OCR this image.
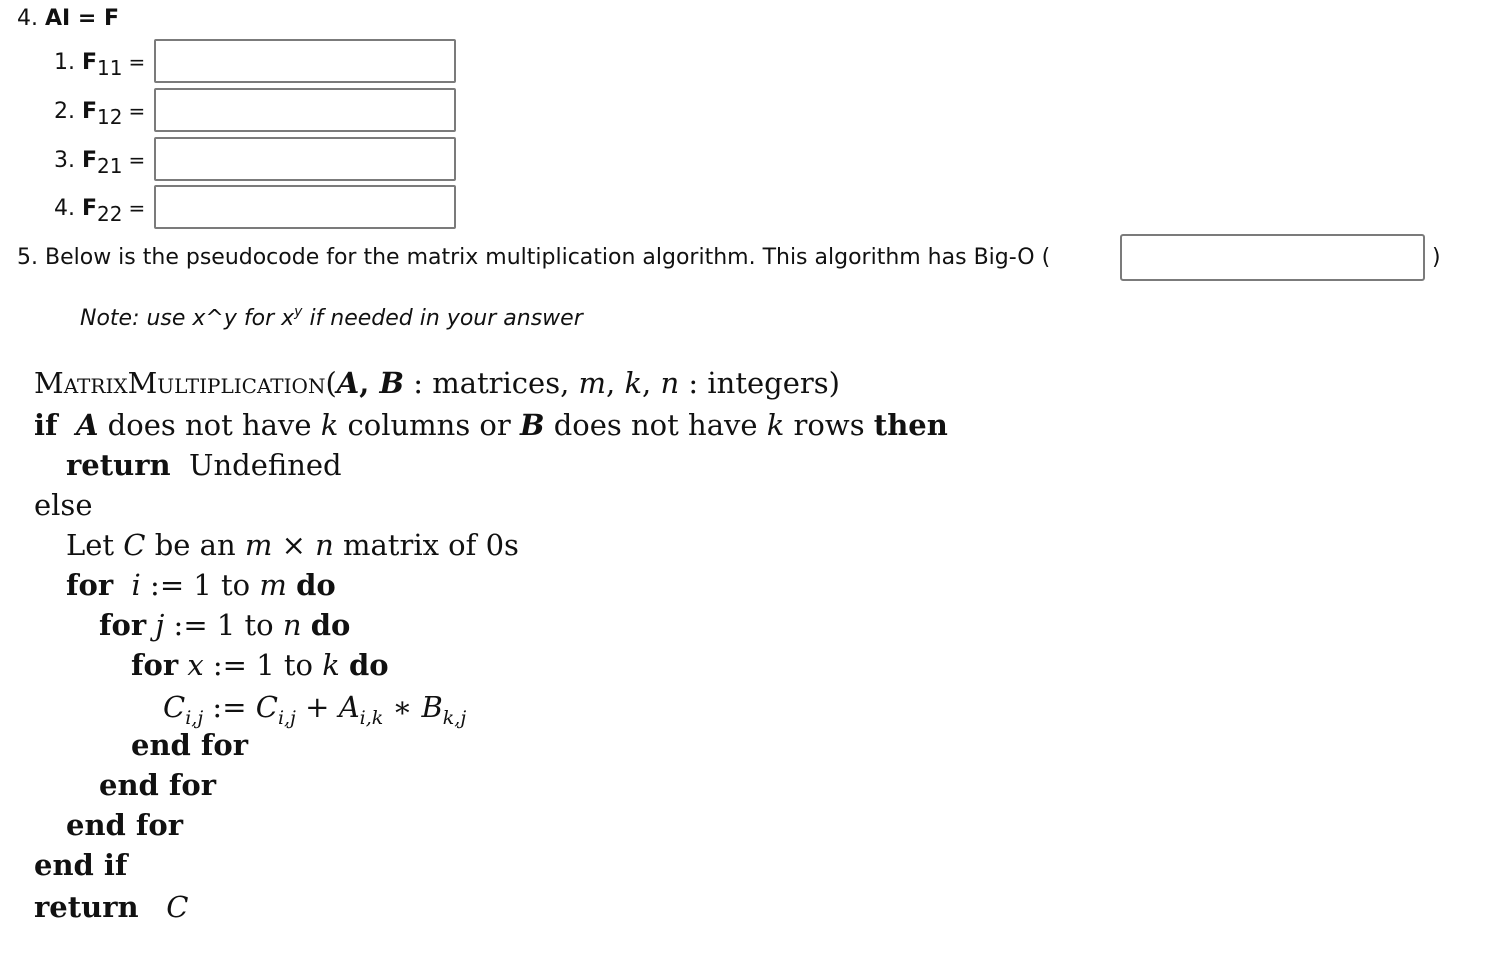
4. AI = F
1. $F_{11}$ =
2. $F_{12}$ =
3. $F_{21}$ =
4. $F_{22}$ =
5. Below is the pseudocode for the matrix multiplication algorithm. This algorithm has Big-O (	)
Note: use x^y for $x^y$ if needed in your answer
MatrixMultiplication(A, B : matrices, m, k, n : integers)
if A does not have k columns or B does not have k rows then
return Undefined
else
Let C be an m × n matrix of 0s
for i := 1 to m do
for j := 1 to n do
for x := 1 to k do
$C_{i,j}$ := $C_{i,j} + A_{i,k}$ ∗ $B_{k,j}$
end for
end for
end for
end if
return C
